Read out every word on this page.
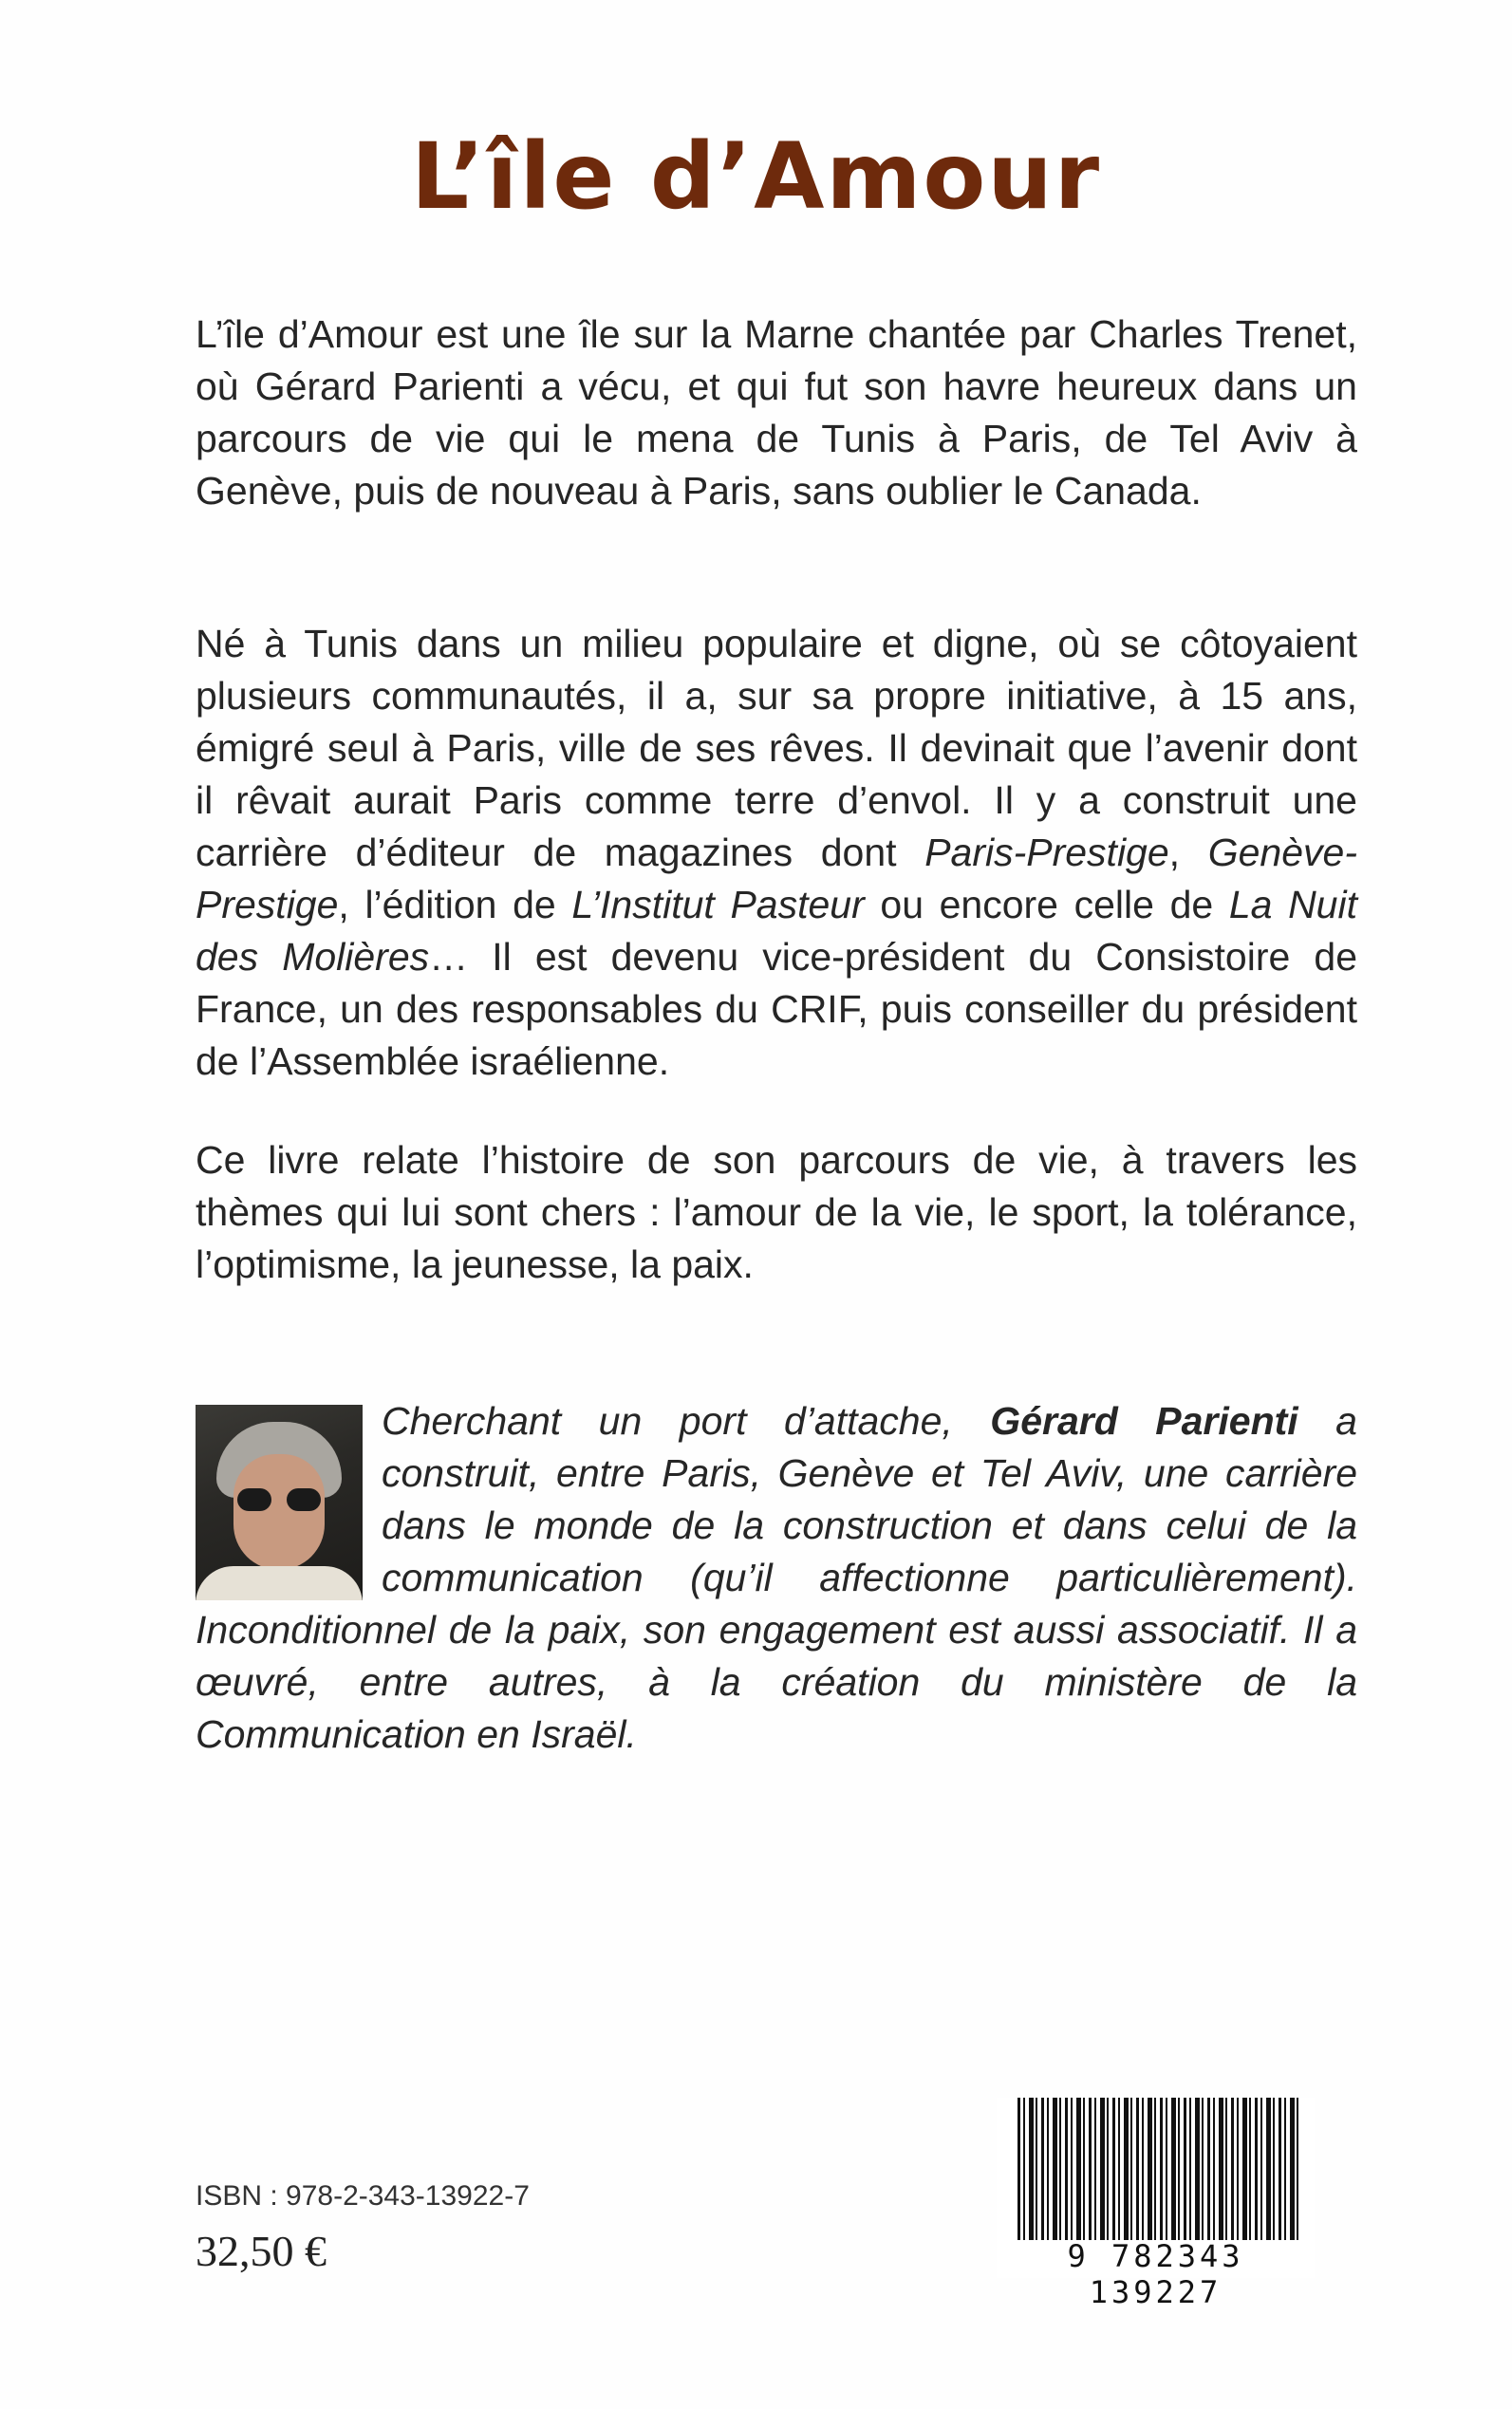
L’île d’Amour

L’île d’Amour est une île sur la Marne chantée par Charles Trenet, où Gérard Parienti a vécu, et qui fut son havre heureux dans un parcours de vie qui le mena de Tunis à Paris, de Tel Aviv à Genève, puis de nouveau à Paris, sans oublier le Canada.

Né à Tunis dans un milieu populaire et digne, où se côtoyaient plusieurs communautés, il a, sur sa propre initiative, à 15 ans, émigré seul à Paris, ville de ses rêves. Il devinait que l’avenir dont il rêvait aurait Paris comme terre d’envol. Il y a construit une carrière d’éditeur de magazines dont Paris-Prestige, Genève-Prestige, l’édition de L’Institut Pasteur ou encore celle de La Nuit des Molières… Il est devenu vice-président du Consistoire de France, un des responsables du CRIF, puis conseiller du président de l’Assemblée israélienne.

Ce livre relate l’histoire de son parcours de vie, à travers les thèmes qui lui sont chers : l’amour de la vie, le sport, la tolérance, l’optimisme, la jeunesse, la paix.

Cherchant un port d’attache, Gérard Parienti a construit, entre Paris, Genève et Tel Aviv, une carrière dans le monde de la construction et dans celui de la communication (qu’il affectionne particulièrement). Inconditionnel de la paix, son engagement est aussi associatif. Il a œuvré, entre autres, à la création du ministère de la Communication en Israël.

ISBN : 978-2-343-13922-7

32,50 €	9 782343 139227
